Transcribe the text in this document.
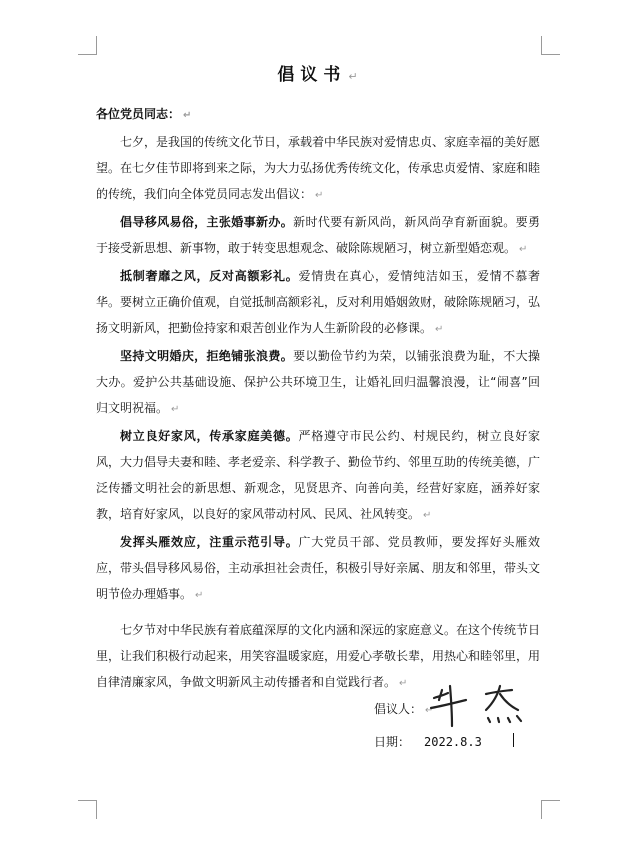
倡议书 ↵

各位党员同志： ↵

七夕，是我国的传统文化节日，承载着中华民族对爱情忠贞、家庭幸福的美好愿望。在七夕佳节即将到来之际，为大力弘扬优秀传统文化，传承忠贞爱情、家庭和睦的传统，我们向全体党员同志发出倡议： ↵

倡导移风易俗，主张婚事新办。新时代要有新风尚，新风尚孕育新面貌。要勇于接受新思想、新事物，敢于转变思想观念、破除陈规陋习，树立新型婚恋观。 ↵

抵制奢靡之风，反对高额彩礼。爱情贵在真心，爱情纯洁如玉，爱情不慕奢华。要树立正确价值观，自觉抵制高额彩礼，反对利用婚姻敛财，破除陈规陋习，弘扬文明新风，把勤俭持家和艰苦创业作为人生新阶段的必修课。 ↵

坚持文明婚庆，拒绝铺张浪费。要以勤俭节约为荣，以铺张浪费为耻，不大操大办。爱护公共基础设施、保护公共环境卫生，让婚礼回归温馨浪漫，让“闹喜”回归文明祝福。 ↵

树立良好家风，传承家庭美德。严格遵守市民公约、村规民约，树立良好家风，大力倡导夫妻和睦、孝老爱亲、科学教子、勤俭节约、邻里互助的传统美德，广泛传播文明社会的新思想、新观念，见贤思齐、向善向美，经营好家庭，涵养好家教，培育好家风，以良好的家风带动村风、民风、社风转变。 ↵

发挥头雁效应，注重示范引导。广大党员干部、党员教师，要发挥好头雁效应，带头倡导移风易俗，主动承担社会责任，积极引导好亲属、朋友和邻里，带头文明节俭办理婚事。 ↵

七夕节对中华民族有着底蕴深厚的文化内涵和深远的家庭意义。在这个传统节日里，让我们积极行动起来，用笑容温暖家庭，用爱心孝敬长辈，用热心和睦邻里，用自律清廉家风，争做文明新风主动传播者和自觉践行者。 ↵

倡议人： ↵
日期： 2022.8.3
